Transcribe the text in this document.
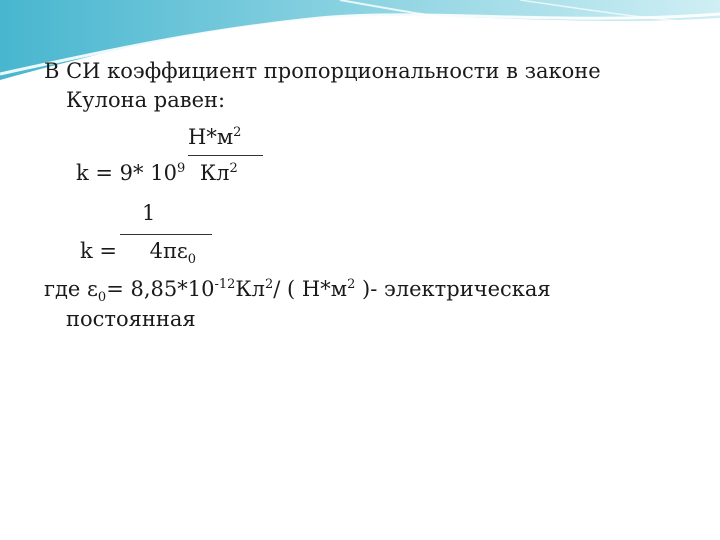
В СИ коэффициент пропорциональности в законе
Кулона равен:
$Н*м^2$
k = 9* $10^9$ $Кл^2$
1
$k = 4\pi\varepsilon_0$
где $\varepsilon_0= 8,85*10^{-12}Кл^2/$ ( $Н*м^2$ )- электрическая
постоянная
